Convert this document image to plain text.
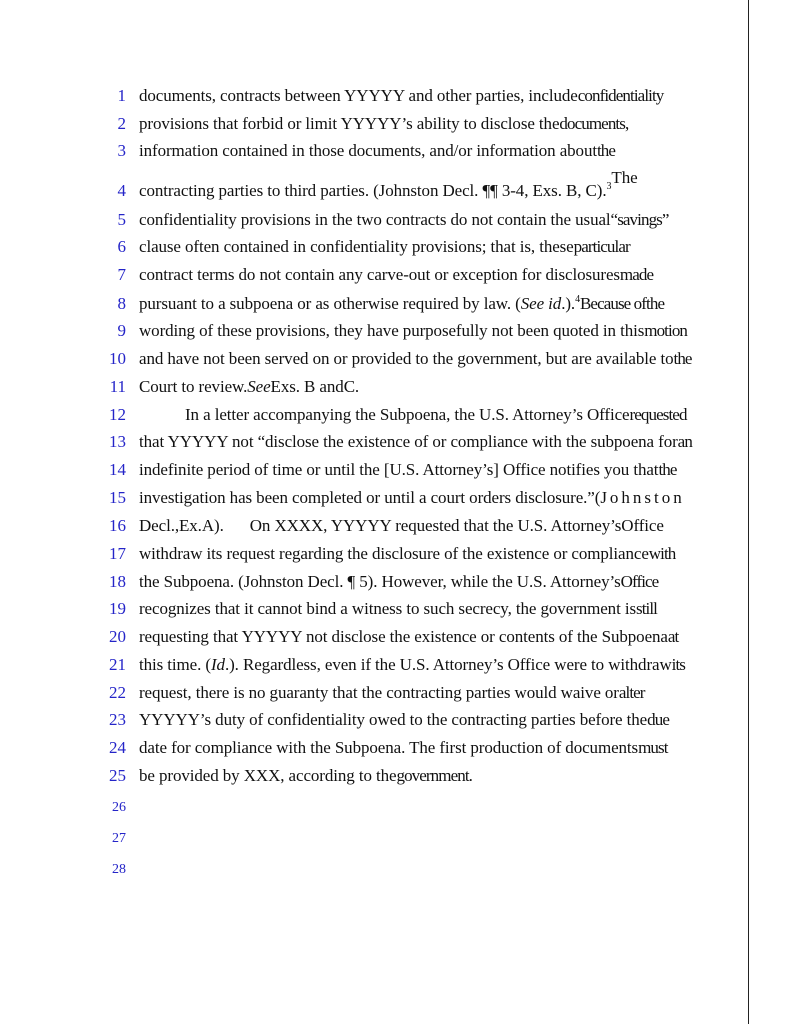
1 documents, contracts between YYYYY and other parties, includeconfidentiality
2 provisions that forbid or limit YYYYY’s ability to disclose thedocuments,
3 information contained in those documents, and/or information aboutthe
4 contracting parties to third parties. (Johnston Decl. ¶¶ 3-4, Exs. B, C).$^3$The
5 confidentiality provisions in the two contracts do not contain the usual“savings”
6 clause often contained in confidentiality provisions; that is, theseparticular
7 contract terms do not contain any carve-out or exception for disclosuresmade
8 pursuant to a subpoena or as otherwise required by law. (See id.).$^4$Because ofthe
9 wording of these provisions, they have purposefully not been quoted in thismotion
10 and have not been served on or provided to the government, but are available tothe
11 Court to review.SeeExs. B andC.
12	In a letter accompanying the Subpoena, the U.S. Attorney’s Officerequested
13 that YYYYY not “disclose the existence of or compliance with the subpoena foran
14 indefinite period of time or until the [U.S. Attorney’s] Office notifies you thatthe
15 investigation has been completed or until a court orders disclosure.”(Johnston
16 Decl.,Ex.A). On XXXX, YYYYY requested that the U.S. Attorney’sOffice
17 withdraw its request regarding the disclosure of the existence or compliancewith
18 the Subpoena. (Johnston Decl. ¶ 5). However, while the U.S. Attorney’sOffice
19 recognizes that it cannot bind a witness to such secrecy, the government isstill
20 requesting that YYYYY not disclose the existence or contents of the Subpoenaat
21 this time. (Id.). Regardless, even if the U.S. Attorney’s Office were to withdrawits
22 request, there is no guaranty that the contracting parties would waive oralter
23 YYYYY’s duty of confidentiality owed to the contracting parties before thedue
24 date for compliance with the Subpoena. The first production of documentsmust
25 be provided by XXX, according to thegovernment.
26
27
28
